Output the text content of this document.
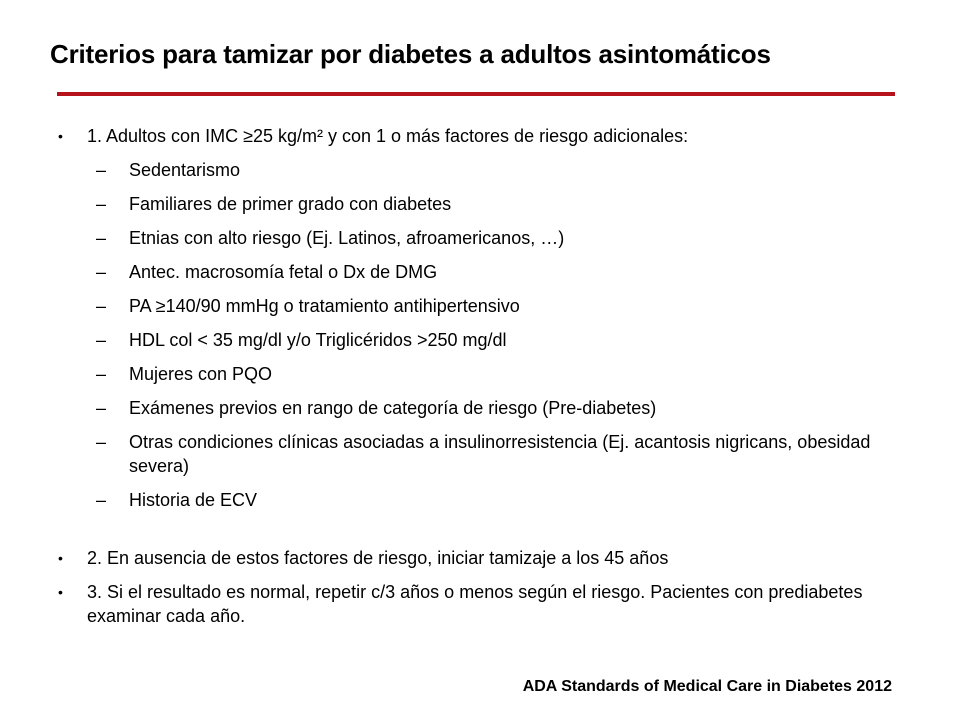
Criterios para tamizar por diabetes a adultos asintomáticos
• 1. Adultos con IMC ≥25 kg/m² y con 1 o más factores de riesgo adicionales:
– Sedentarismo
– Familiares de primer grado con diabetes
– Etnias con alto riesgo (Ej. Latinos, afroamericanos, …)
– Antec. macrosomía fetal o Dx de DMG
– PA ≥140/90 mmHg o tratamiento antihipertensivo
– HDL col < 35 mg/dl y/o Triglicéridos >250 mg/dl
– Mujeres con PQO
– Exámenes previos en rango de categoría de riesgo (Pre-diabetes)
– Otras condiciones clínicas asociadas a insulinorresistencia (Ej. acantosis nigricans, obesidad severa)
– Historia de ECV
• 2. En ausencia de estos factores de riesgo, iniciar tamizaje a los 45 años
• 3. Si el resultado es normal, repetir c/3 años o menos según el riesgo. Pacientes con prediabetes examinar cada año.

ADA Standards of Medical Care in Diabetes 2012
